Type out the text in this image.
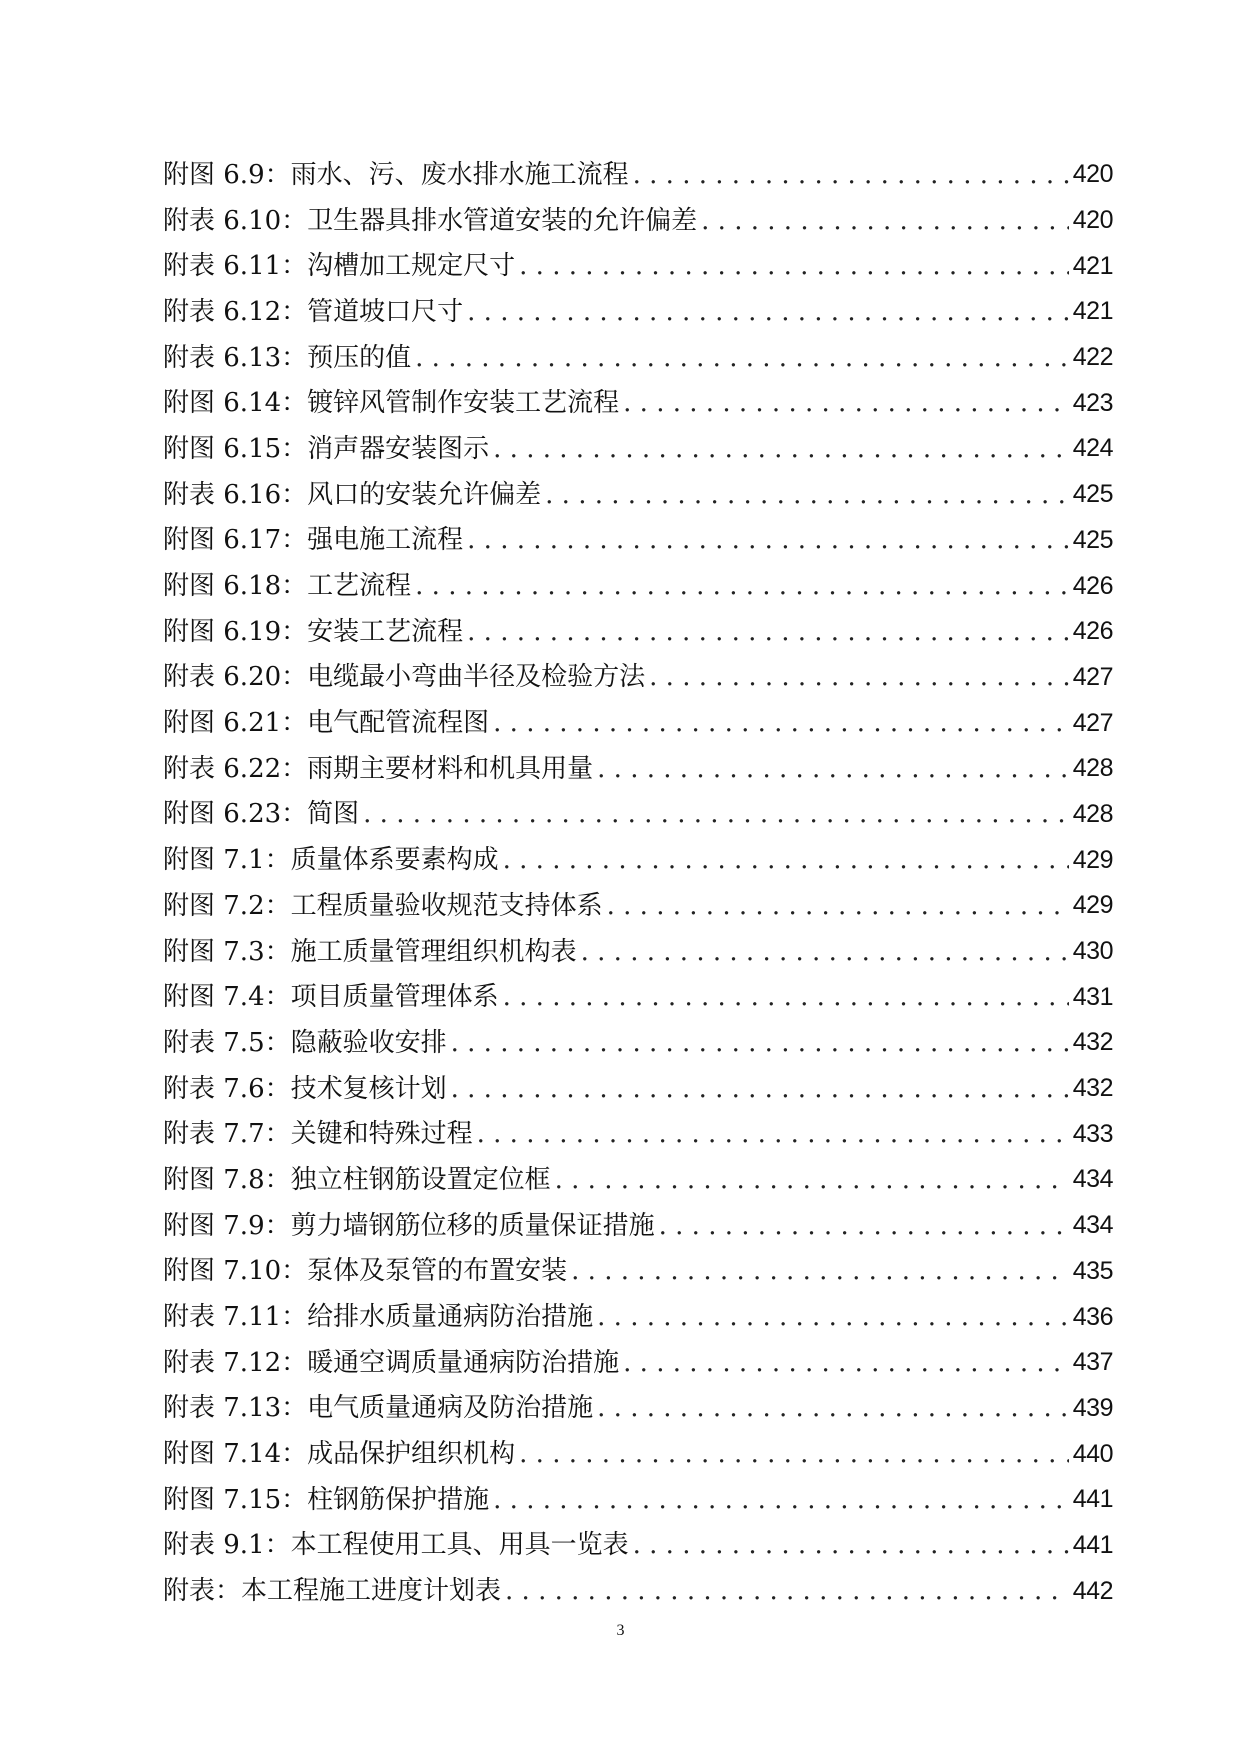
附图 6.9：雨水、污、废水排水施工流程 . . .	420
附表 6.10：卫生器具排水管道安装的允许偏差 . . .	420
附表 6.11：沟槽加工规定尺寸 . . .	421
附表 6.12：管道坡口尺寸 . . .	421
附表 6.13：预压的值 . . .	422
附图 6.14：镀锌风管制作安装工艺流程 . . .	423
附图 6.15：消声器安装图示 . . .	424
附表 6.16：风口的安装允许偏差 . . .	425
附图 6.17：强电施工流程 . . .	425
附图 6.18：工艺流程 . . .	426
附图 6.19：安装工艺流程 . . .	426
附表 6.20：电缆最小弯曲半径及检验方法 . . .	427
附图 6.21：电气配管流程图 . . .	427
附表 6.22：雨期主要材料和机具用量 . . .	428
附图 6.23：简图 . . .	428
附图 7.1：质量体系要素构成 . . .	429
附图 7.2：工程质量验收规范支持体系 . . .	429
附图 7.3：施工质量管理组织机构表 . . .	430
附图 7.4：项目质量管理体系 . . .	431
附表 7.5：隐蔽验收安排 . . .	432
附表 7.6：技术复核计划 . . .	432
附表 7.7：关键和特殊过程 . . .	433
附图 7.8：独立柱钢筋设置定位框 . . .	434
附图 7.9：剪力墙钢筋位移的质量保证措施 . . .	434
附图 7.10：泵体及泵管的布置安装 . . .	435
附表 7.11：给排水质量通病防治措施 . . .	436
附表 7.12：暖通空调质量通病防治措施 . . .	437
附表 7.13：电气质量通病及防治措施 . . .	439
附图 7.14：成品保护组织机构 . . .	440
附图 7.15：柱钢筋保护措施 . . .	441
附表 9.1：本工程使用工具、用具一览表 . . .	441
附表：本工程施工进度计划表 . . .	442
3
